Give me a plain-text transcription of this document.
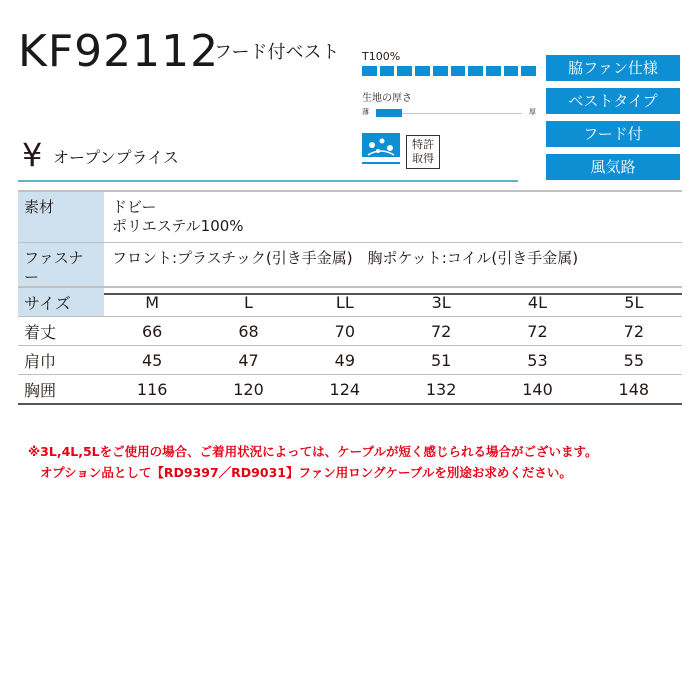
KF92112
フード付ベスト T100%
生地の厚さ
薄	厚
脇ファン仕様
ベストタイプ
フード付
風気路
¥ オープンプライス
特許取得
素材	ドビー
ポリエステル100%

ファスナー	フロント:プラスチック(引き手金属)　胸ポケット:コイル(引き手金属)
サイズ	M	L	LL	3L	4L	5L
着丈	66	68	70	72	72	72
肩巾	45	47	49	51	53	55
胸囲	116	120	124	132	140	148
※3L,4L,5Lをご使用の場合、ご着用状況によっては、ケーブルが短く感じられる場合がございます。
オプション品として【RD9397／RD9031】ファン用ロングケーブルを別途お求めください。
